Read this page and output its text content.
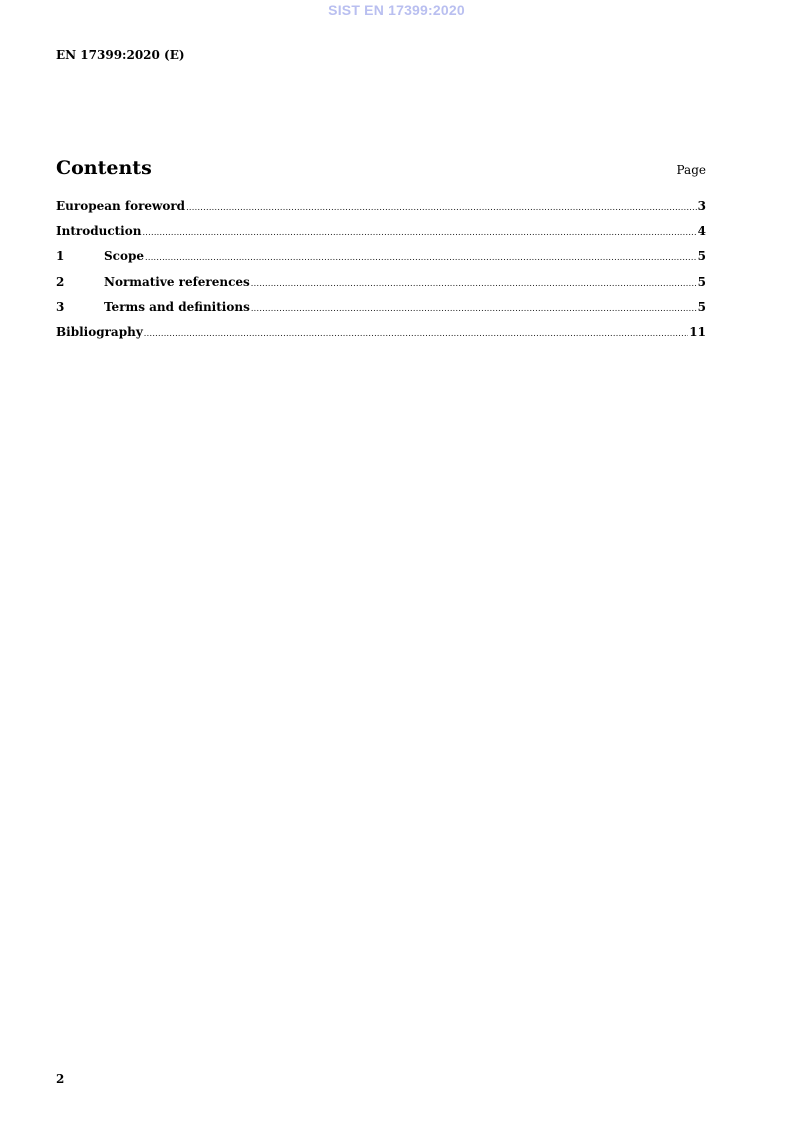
SIST EN 17399:2020
EN 17399:2020 (E)
Contents	Page
European foreword .....	3
Introduction .....	4
1	Scope .....	5
2	Normative references .....	5
3	Terms and definitions .....	5
Bibliography .....	11
2
